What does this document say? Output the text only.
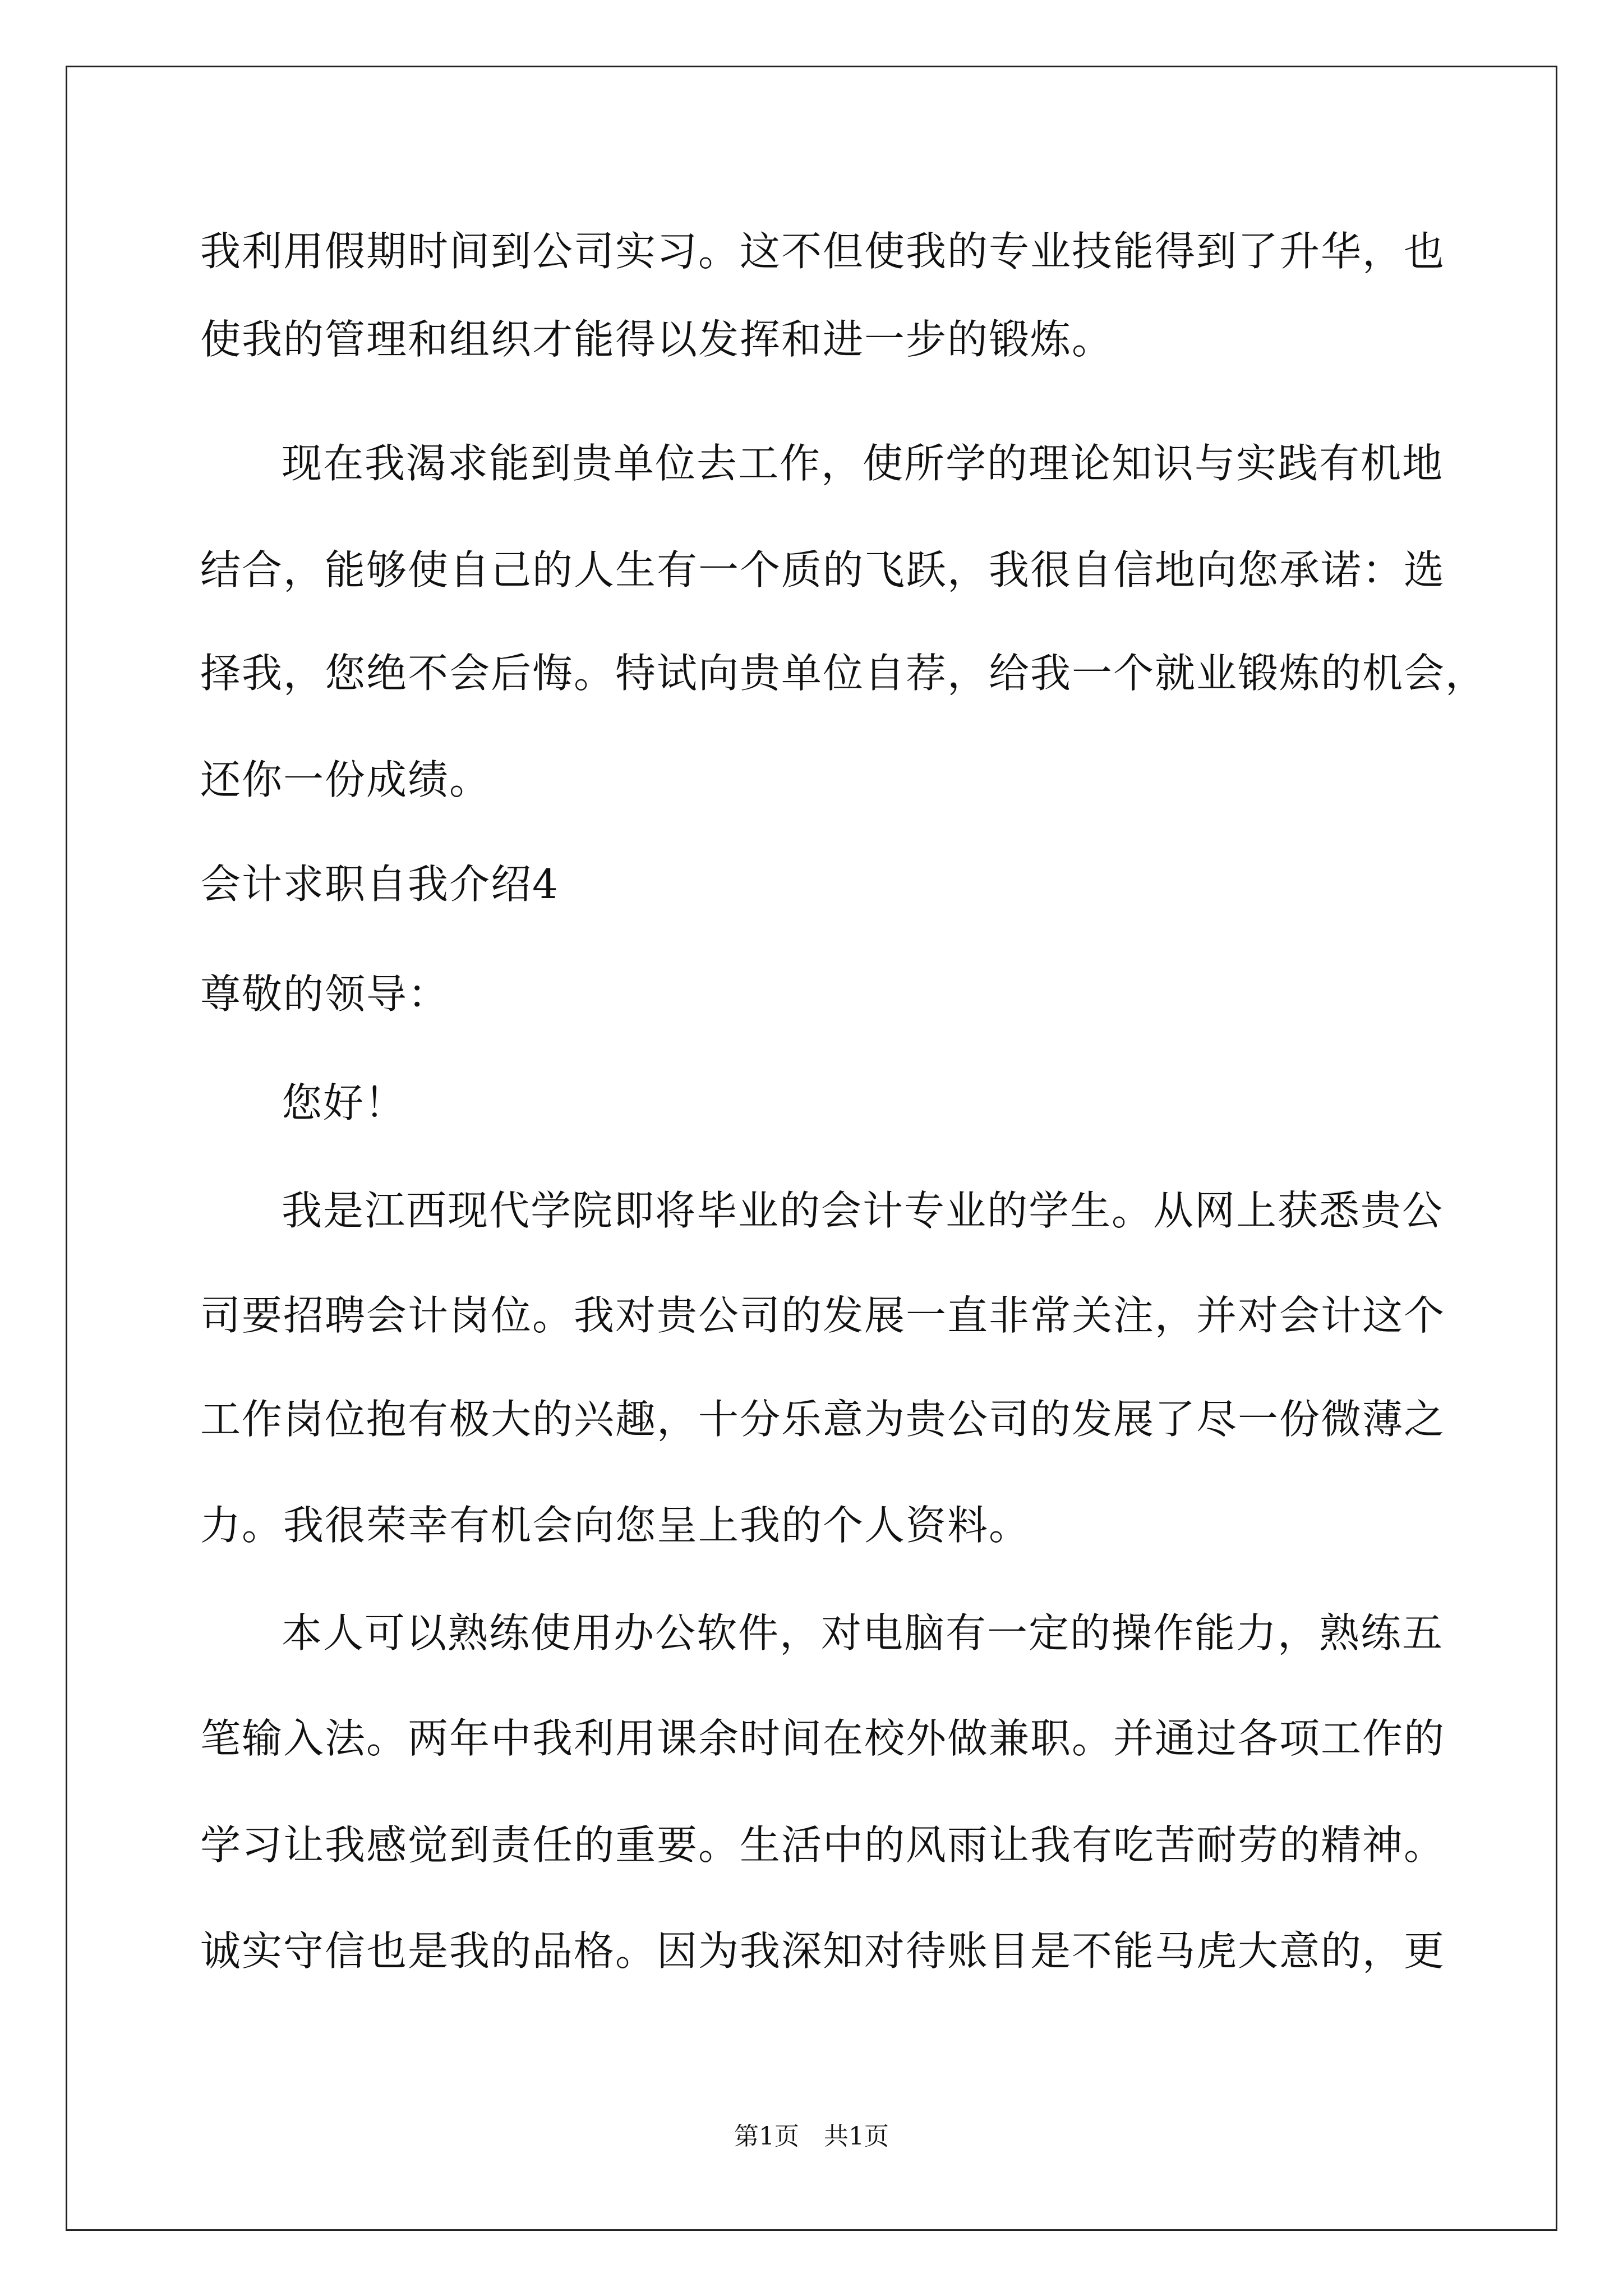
我利用假期时间到公司实习。这不但使我的专业技能得到了升华，也
使我的管理和组织才能得以发挥和进一步的锻炼。
现在我渴求能到贵单位去工作，使所学的理论知识与实践有机地
结合，能够使自己的人生有一个质的飞跃，我很自信地向您承诺：选
择我，您绝不会后悔。特试向贵单位自荐，给我一个就业锻炼的机会，
还你一份成绩。
会计求职自我介绍4
尊敬的领导：
您好！
我是江西现代学院即将毕业的会计专业的学生。从网上获悉贵公
司要招聘会计岗位。我对贵公司的发展一直非常关注，并对会计这个
工作岗位抱有极大的兴趣，十分乐意为贵公司的发展了尽一份微薄之
力。我很荣幸有机会向您呈上我的个人资料。
本人可以熟练使用办公软件，对电脑有一定的操作能力，熟练五
笔输入法。两年中我利用课余时间在校外做兼职。并通过各项工作的
学习让我感觉到责任的重要。生活中的风雨让我有吃苦耐劳的精神。
诚实守信也是我的品格。因为我深知对待账目是不能马虎大意的，更
第1页　共1页
